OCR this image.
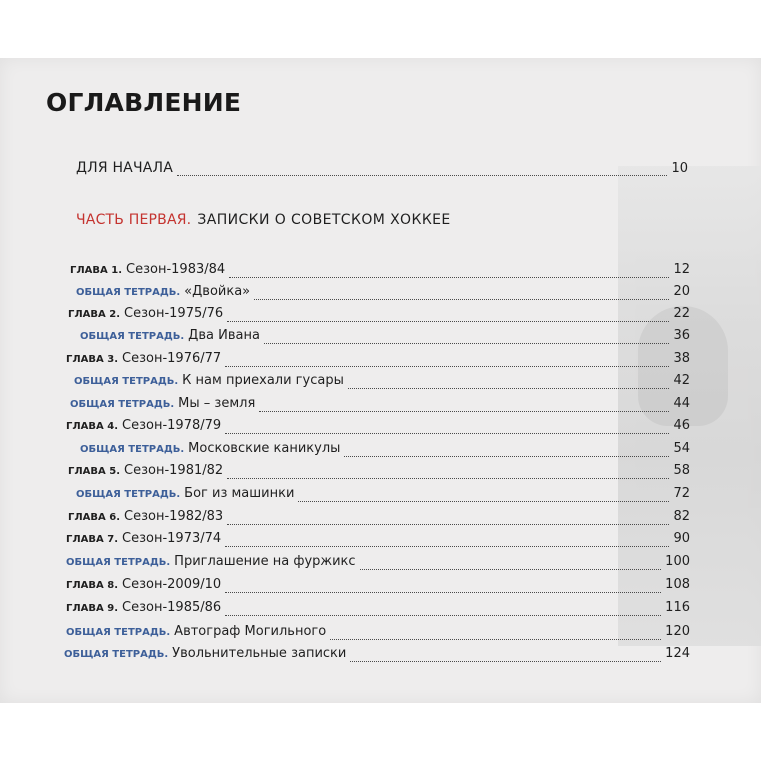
ОГЛАВЛЕНИЕ
ДЛЯ НАЧАЛА	10
ЧАСТЬ ПЕРВАЯ. ЗАПИСКИ О СОВЕТСКОМ ХОККЕЕ
ГЛАВА 1. Сезон-1983/84	12
ОБЩАЯ ТЕТРАДЬ. «Двойка»	20
ГЛАВА 2. Сезон-1975/76	22
ОБЩАЯ ТЕТРАДЬ. Два Ивана	36
ГЛАВА 3. Сезон-1976/77	38
ОБЩАЯ ТЕТРАДЬ. К нам приехали гусары	42
ОБЩАЯ ТЕТРАДЬ. Мы – земля	44
ГЛАВА 4. Сезон-1978/79	46
ОБЩАЯ ТЕТРАДЬ. Московские каникулы	54
ГЛАВА 5. Сезон-1981/82	58
ОБЩАЯ ТЕТРАДЬ. Бог из машинки	72
ГЛАВА 6. Сезон-1982/83	82
ГЛАВА 7. Сезон-1973/74	90
ОБЩАЯ ТЕТРАДЬ. Приглашение на фуржикс	100
ГЛАВА 8. Сезон-2009/10	108
ГЛАВА 9. Сезон-1985/86	116
ОБЩАЯ ТЕТРАДЬ. Автограф Могильного	120
ОБЩАЯ ТЕТРАДЬ. Увольнительные записки	124
